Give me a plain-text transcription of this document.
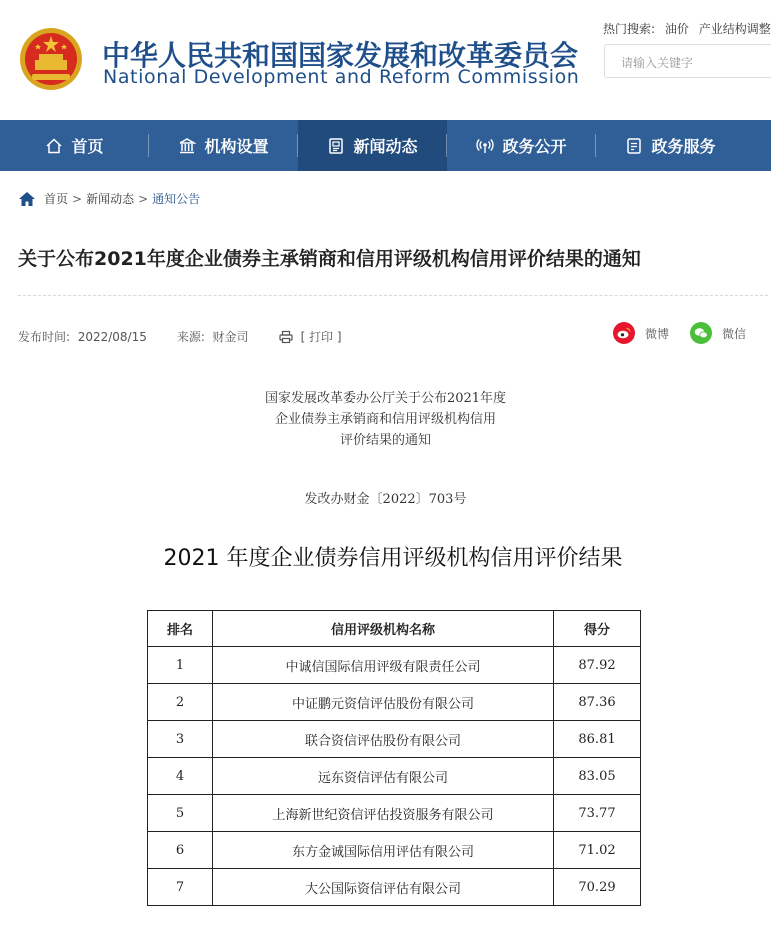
中华人民共和国国家发展和改革委员会
National Development and Reform Commission
热门搜索: 油价 产业结构调整
请输入关键字
首页	机构设置	新闻动态	政务公开	政务服务
首页 > 新闻动态 > 通知公告
关于公布2021年度企业债券主承销商和信用评级机构信用评价结果的通知
发布时间: 2022/08/15	来源: 财金司	[ 打印 ]	微博	微信
国家发展改革委办公厅关于公布2021年度
企业债券主承销商和信用评级机构信用
评价结果的通知
发改办财金〔2022〕703号
2021 年度企业债券信用评级机构信用评价结果
排名	信用评级机构名称	得分
1	中诚信国际信用评级有限责任公司	87.92
2	中证鹏元资信评估股份有限公司	87.36
3	联合资信评估股份有限公司	86.81
4	远东资信评估有限公司	83.05
5	上海新世纪资信评估投资服务有限公司	73.77
6	东方金诚国际信用评估有限公司	71.02
7	大公国际资信评估有限公司	70.29
